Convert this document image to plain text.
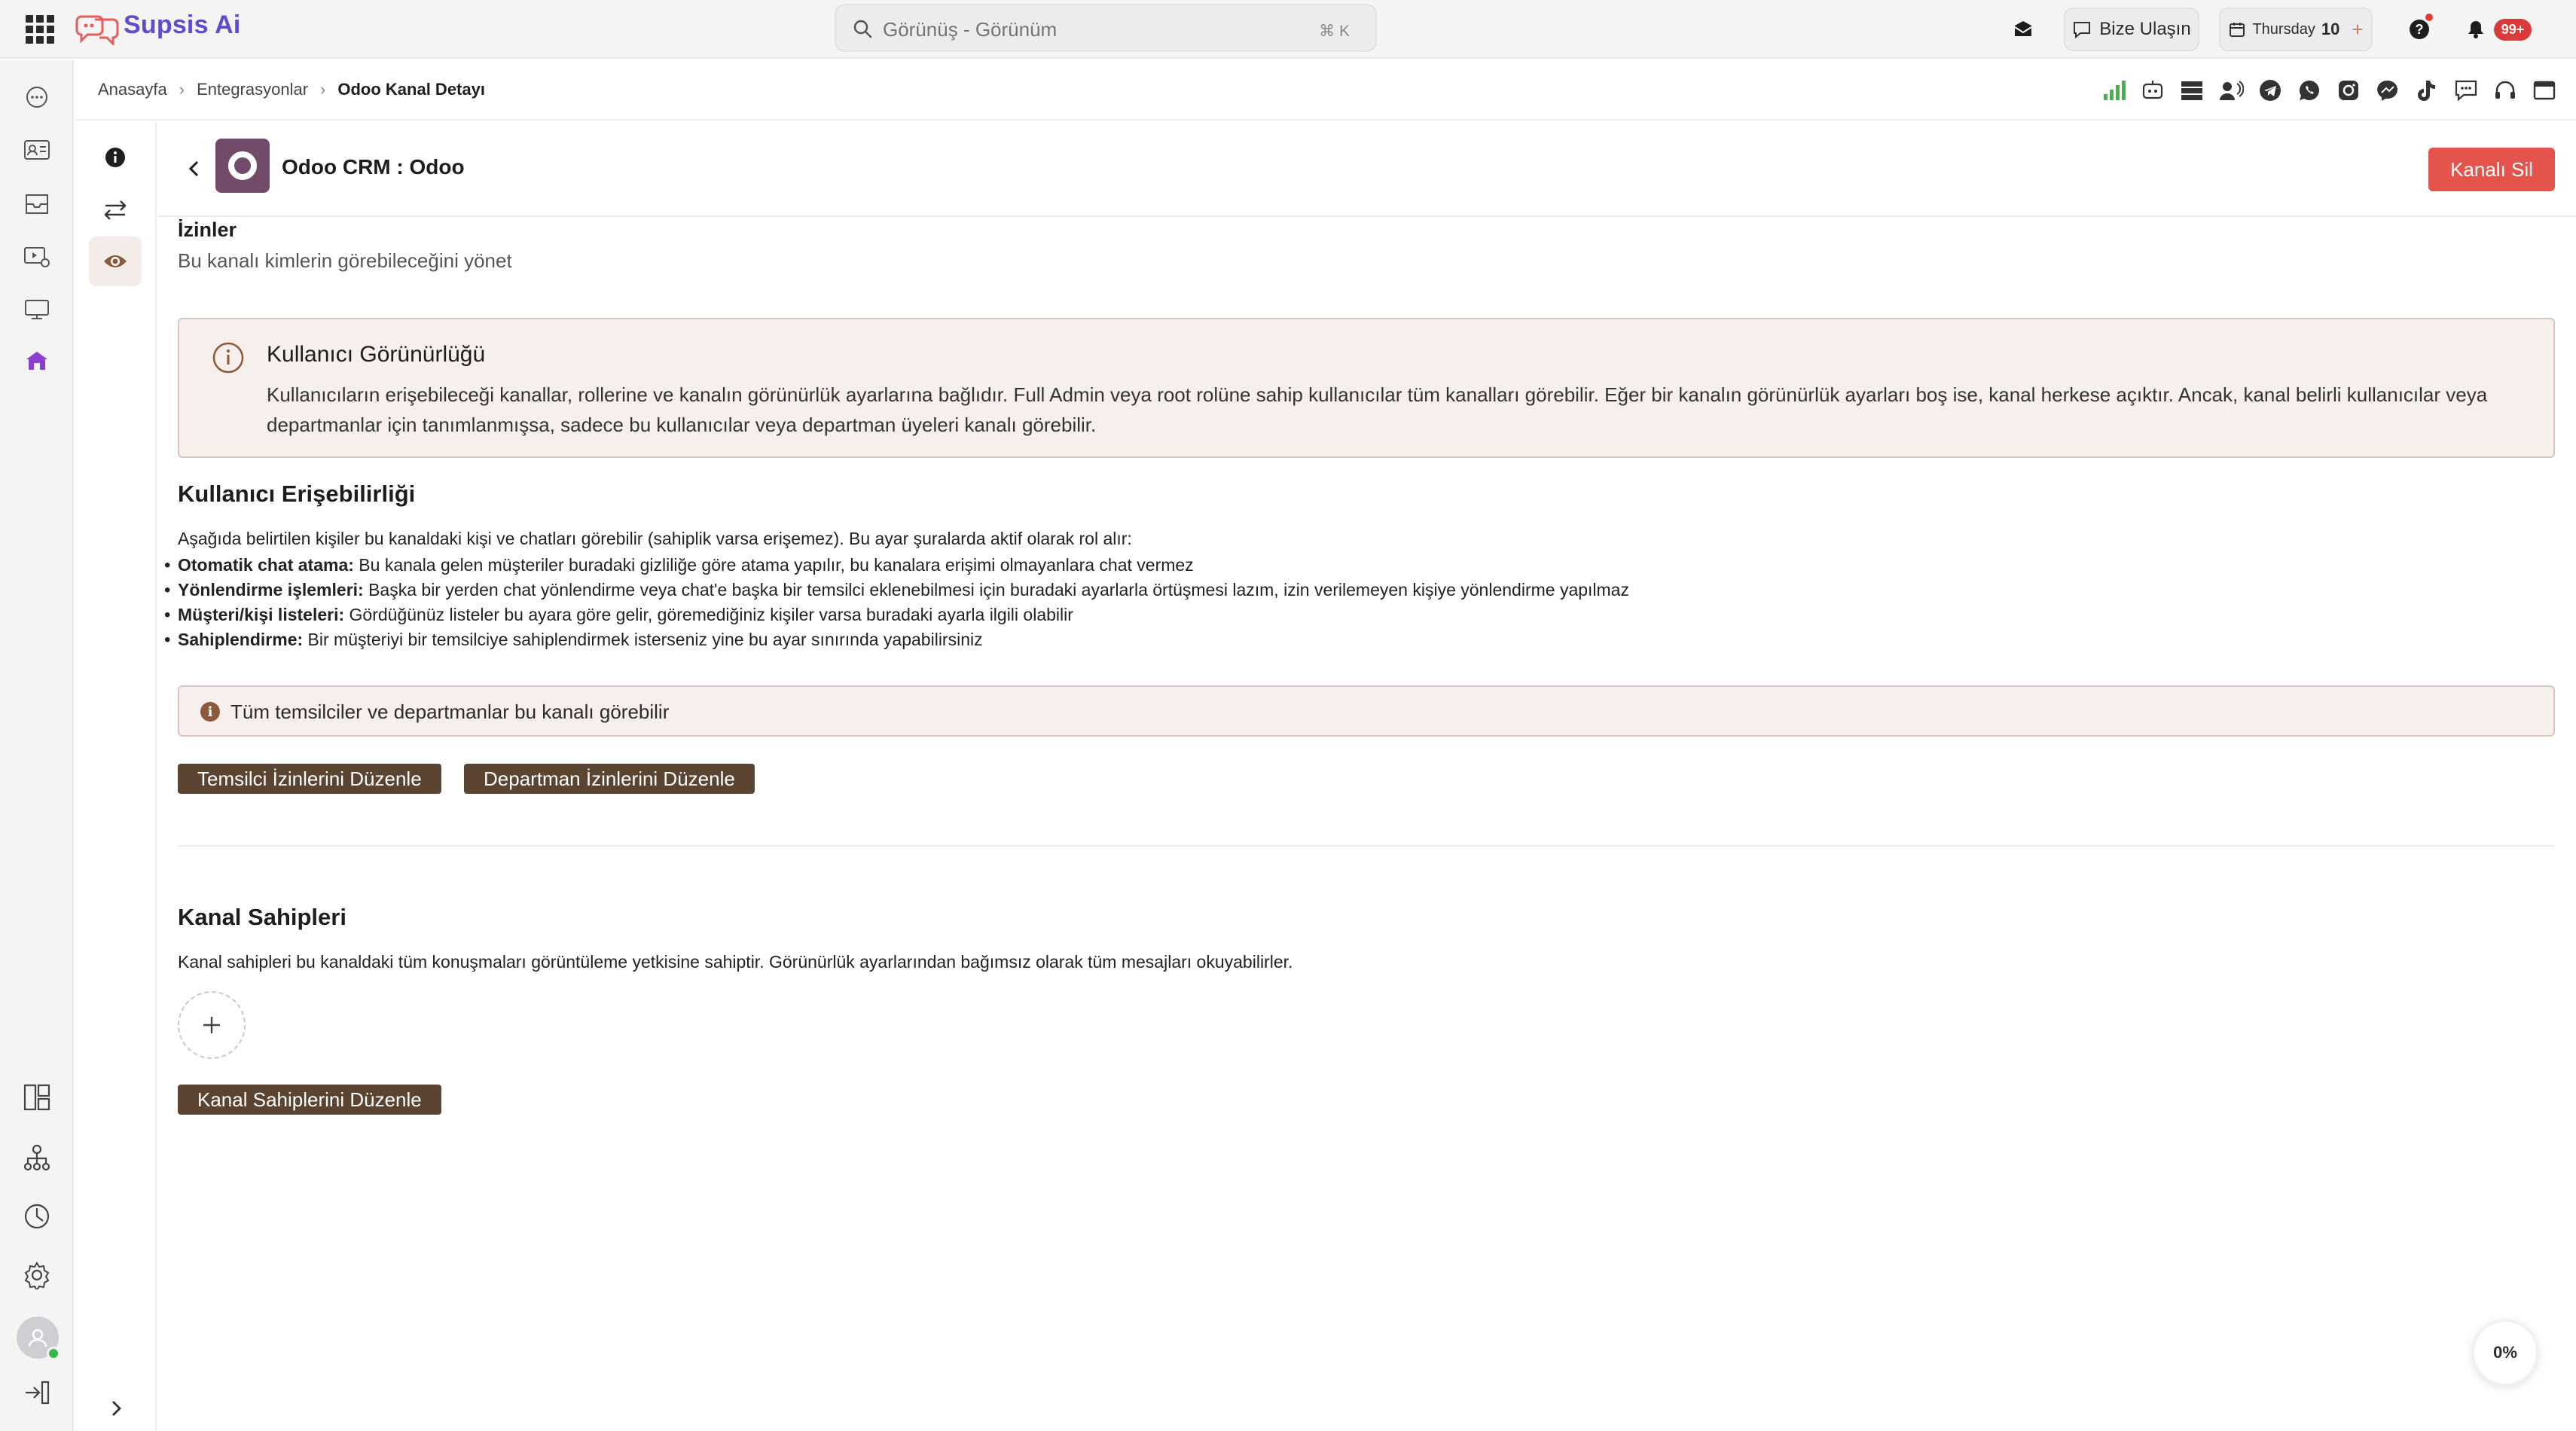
Supsis Ai
Görünüş - Görünüm	⌘ K	Bize Ulaşın	Thursday 10 +	?	99+
Anasayfa › Entegrasyonlar › Odoo Kanal Detayı
Odoo CRM : Odoo	Kanalı Sil
İzinler
Bu kanalı kimlerin görebileceğini yönet
Kullanıcı Görünürlüğü
Kullanıcıların erişebileceği kanallar, rollerine ve kanalın görünürlük ayarlarına bağlıdır. Full Admin veya root rolüne sahip kullanıcılar tüm kanalları görebilir. Eğer bir kanalın görünürlük ayarları boş ise, kanal herkese açıktır. Ancak, kanal belirli kullanıcılar veya departmanlar için tanımlanmışsa, sadece bu kullanıcılar veya departman üyeleri kanalı görebilir.
Kullanıcı Erişebilirliği
Aşağıda belirtilen kişiler bu kanaldaki kişi ve chatları görebilir (sahiplik varsa erişemez). Bu ayar şuralarda aktif olarak rol alır:
• Otomatik chat atama: Bu kanala gelen müşteriler buradaki gizliliğe göre atama yapılır, bu kanalara erişimi olmayanlara chat vermez
• Yönlendirme işlemleri: Başka bir yerden chat yönlendirme veya chat'e başka bir temsilci eklenebilmesi için buradaki ayarlarla örtüşmesi lazım, izin verilemeyen kişiye yönlendirme yapılmaz
• Müşteri/kişi listeleri: Gördüğünüz listeler bu ayara göre gelir, göremediğiniz kişiler varsa buradaki ayarla ilgili olabilir
• Sahiplendirme: Bir müşteriyi bir temsilciye sahiplendirmek isterseniz yine bu ayar sınırında yapabilirsiniz
i Tüm temsilciler ve departmanlar bu kanalı görebilir
Temsilci İzinlerini Düzenle	Departman İzinlerini Düzenle
Kanal Sahipleri
Kanal sahipleri bu kanaldaki tüm konuşmaları görüntüleme yetkisine sahiptir. Görünürlük ayarlarından bağımsız olarak tüm mesajları okuyabilirler.
Kanal Sahiplerini Düzenle
0%
